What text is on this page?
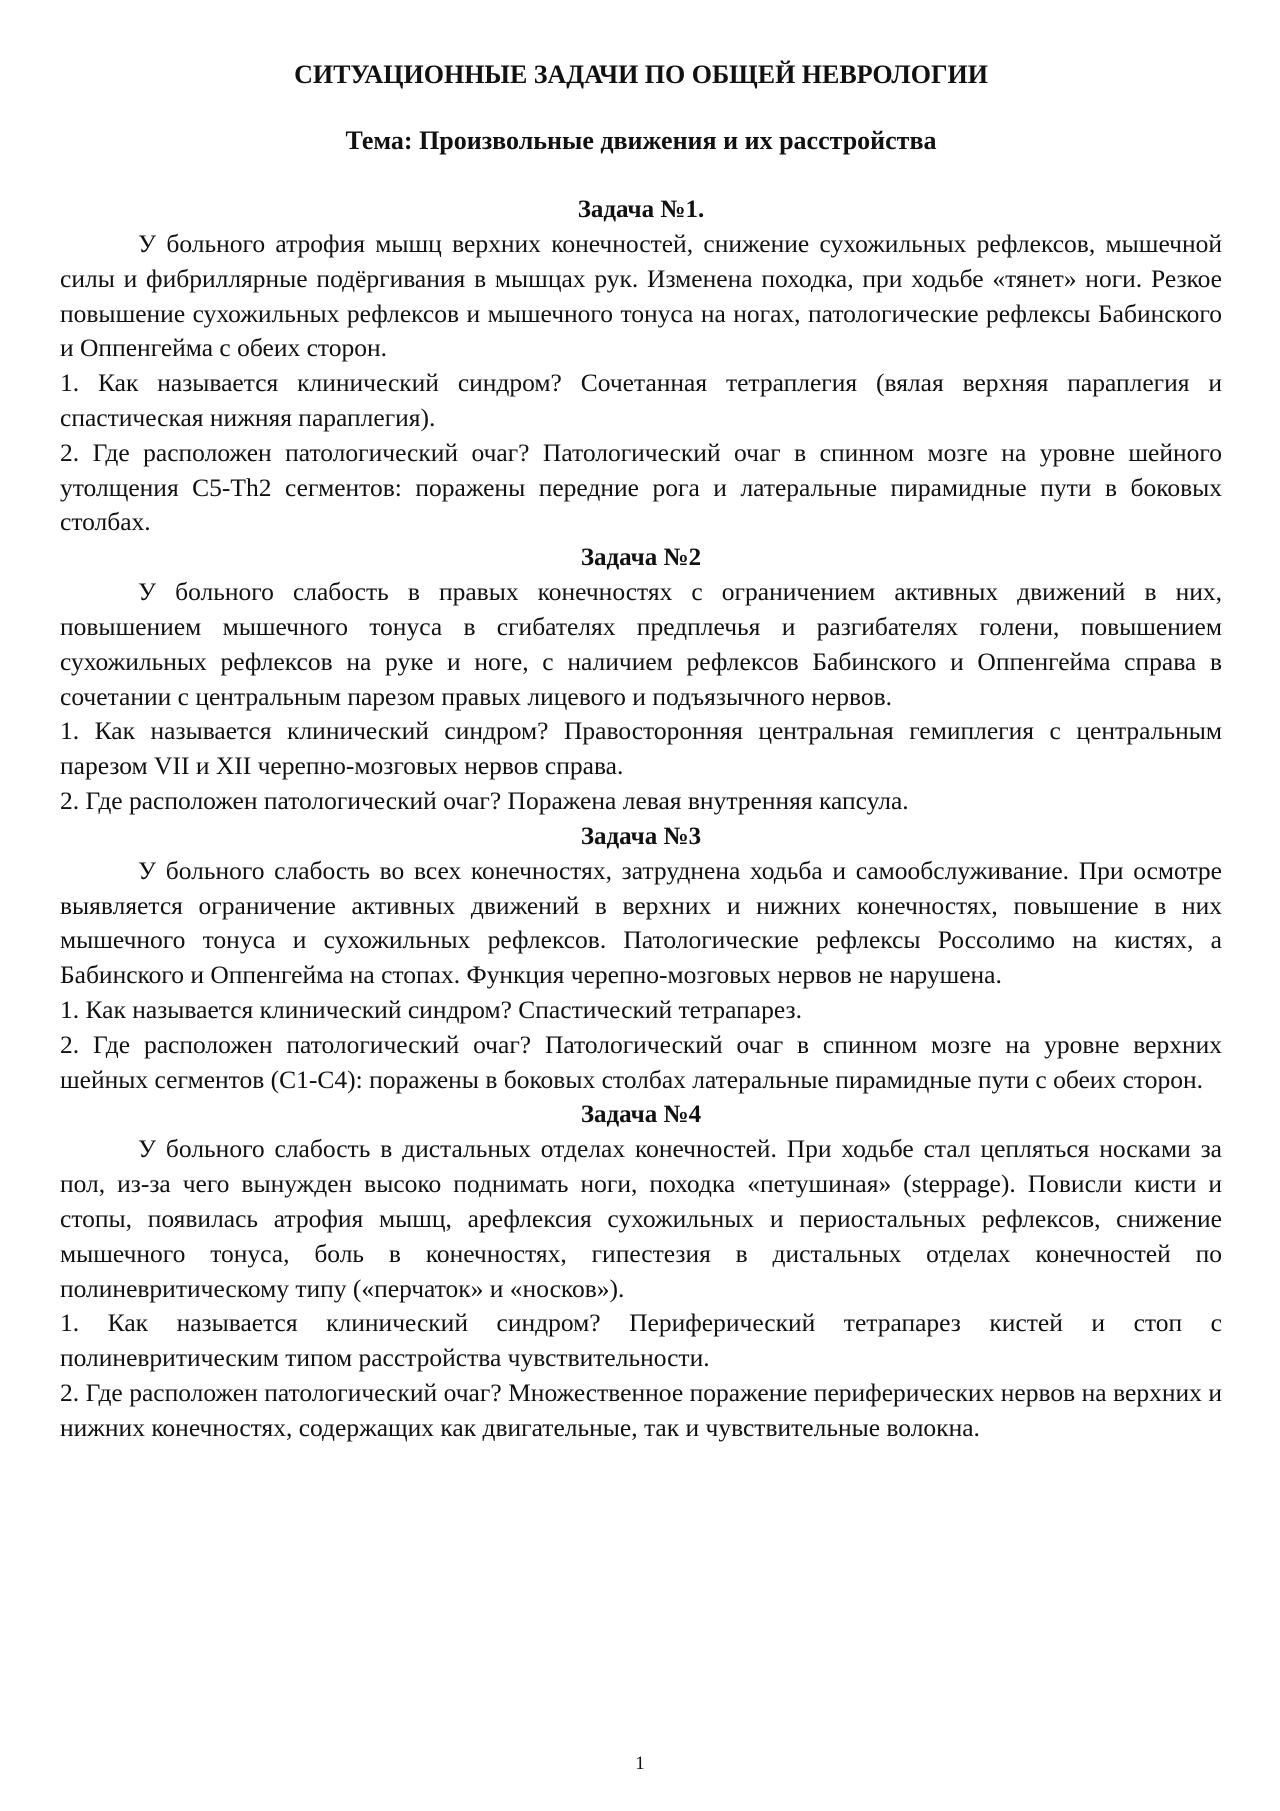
СИТУАЦИОННЫЕ ЗАДАЧИ ПО ОБЩЕЙ НЕВРОЛОГИИ
Тема: Произвольные движения и их расстройства
Задача №1.

У больного атрофия мышц верхних конечностей, снижение сухожильных рефлексов, мышечной силы и фибриллярные подёргивания в мышцах рук. Изменена походка, при ходьбе «тянет» ноги. Резкое повышение сухожильных рефлексов и мышечного тонуса на ногах, патологические рефлексы Бабинского и Оппенгейма с обеих сторон.

1. Как называется клинический синдром? Сочетанная тетраплегия (вялая верхняя параплегия и спастическая нижняя параплегия).

2. Где расположен патологический очаг? Патологический очаг в спинном мозге на уровне шейного утолщения С5-Th2 сегментов: поражены передние рога и латеральные пирамидные пути в боковых столбах.

Задача №2

У больного слабость в правых конечностях с ограничением активных движений в них, повышением мышечного тонуса в сгибателях предплечья и разгибателях голени, повышением сухожильных рефлексов на руке и ноге, с наличием рефлексов Бабинского и Оппенгейма справа в сочетании с центральным парезом правых лицевого и подъязычного нервов.

1. Как называется клинический синдром? Правосторонняя центральная гемиплегия с центральным парезом VII и XII черепно-мозговых нервов справа.

2. Где расположен патологический очаг? Поражена левая внутренняя капсула.

Задача №3

У больного слабость во всех конечностях, затруднена ходьба и самообслуживание. При осмотре выявляется ограничение активных движений в верхних и нижних конечностях, повышение в них мышечного тонуса и сухожильных рефлексов. Патологические рефлексы Россолимо на кистях, а Бабинского и Оппенгейма на стопах. Функция черепно-мозговых нервов не нарушена.

1. Как называется клинический синдром? Спастический тетрапарез.

2. Где расположен патологический очаг? Патологический очаг в спинном мозге на уровне верхних шейных сегментов (С1-С4): поражены в боковых столбах латеральные пирамидные пути с обеих сторон.

Задача №4

У больного слабость в дистальных отделах конечностей. При ходьбе стал цепляться носками за пол, из-за чего вынужден высоко поднимать ноги, походка «петушиная» (steppage). Повисли кисти и стопы, появилась атрофия мышц, арефлексия сухожильных и периостальных рефлексов, снижение мышечного тонуса, боль в конечностях, гипестезия в дистальных отделах конечностей по полиневритическому типу («перчаток» и «носков»).

1. Как называется клинический синдром? Периферический тетрапарез кистей и стоп с полиневритическим типом расстройства чувствительности.

2. Где расположен патологический очаг? Множественное поражение периферических нервов на верхних и нижних конечностях, содержащих как двигательные, так и чувствительные волокна.

1
